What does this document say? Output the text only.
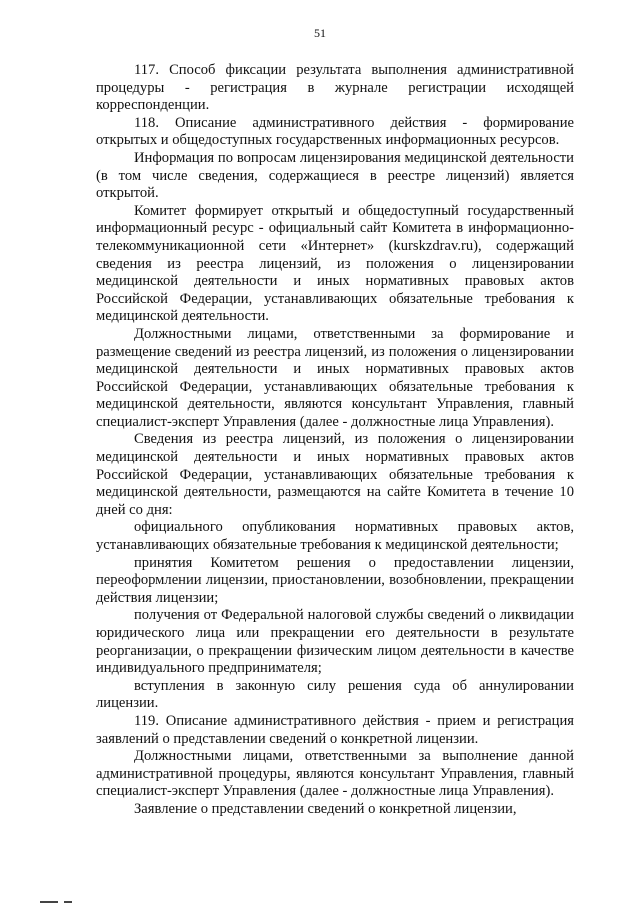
51

117. Способ фиксации результата выполнения административной процедуры - регистрация в журнале регистрации исходящей корреспонденции.

118. Описание административного действия - формирование открытых и общедоступных государственных информационных ресурсов.

Информация по вопросам лицензирования медицинской деятельности (в том числе сведения, содержащиеся в реестре лицензий) является открытой.

Комитет формирует открытый и общедоступный государственный информационный ресурс - официальный сайт Комитета в информационно-телекоммуникационной сети «Интернет» (kurskzdrav.ru), содержащий сведения из реестра лицензий, из положения о лицензировании медицинской деятельности и иных нормативных правовых актов Российской Федерации, устанавливающих обязательные требования к медицинской деятельности.

Должностными лицами, ответственными за формирование и размещение сведений из реестра лицензий, из положения о лицензировании медицинской деятельности и иных нормативных правовых актов Российской Федерации, устанавливающих обязательные требования к медицинской деятельности, являются консультант Управления, главный специалист-эксперт Управления (далее - должностные лица Управления).

Сведения из реестра лицензий, из положения о лицензировании медицинской деятельности и иных нормативных правовых актов Российской Федерации, устанавливающих обязательные требования к медицинской деятельности, размещаются на сайте Комитета в течение 10 дней со дня:

официального опубликования нормативных правовых актов, устанавливающих обязательные требования к медицинской деятельности;

принятия Комитетом решения о предоставлении лицензии, переоформлении лицензии, приостановлении, возобновлении, прекращении действия лицензии;

получения от Федеральной налоговой службы сведений о ликвидации юридического лица или прекращении его деятельности в результате реорганизации, о прекращении физическим лицом деятельности в качестве индивидуального предпринимателя;

вступления в законную силу решения суда об аннулировании лицензии.

119. Описание административного действия - прием и регистрация заявлений о представлении сведений о конкретной лицензии.

Должностными лицами, ответственными за выполнение данной административной процедуры, являются консультант Управления, главный специалист-эксперт Управления (далее - должностные лица Управления).

Заявление о представлении сведений о конкретной лицензии,
